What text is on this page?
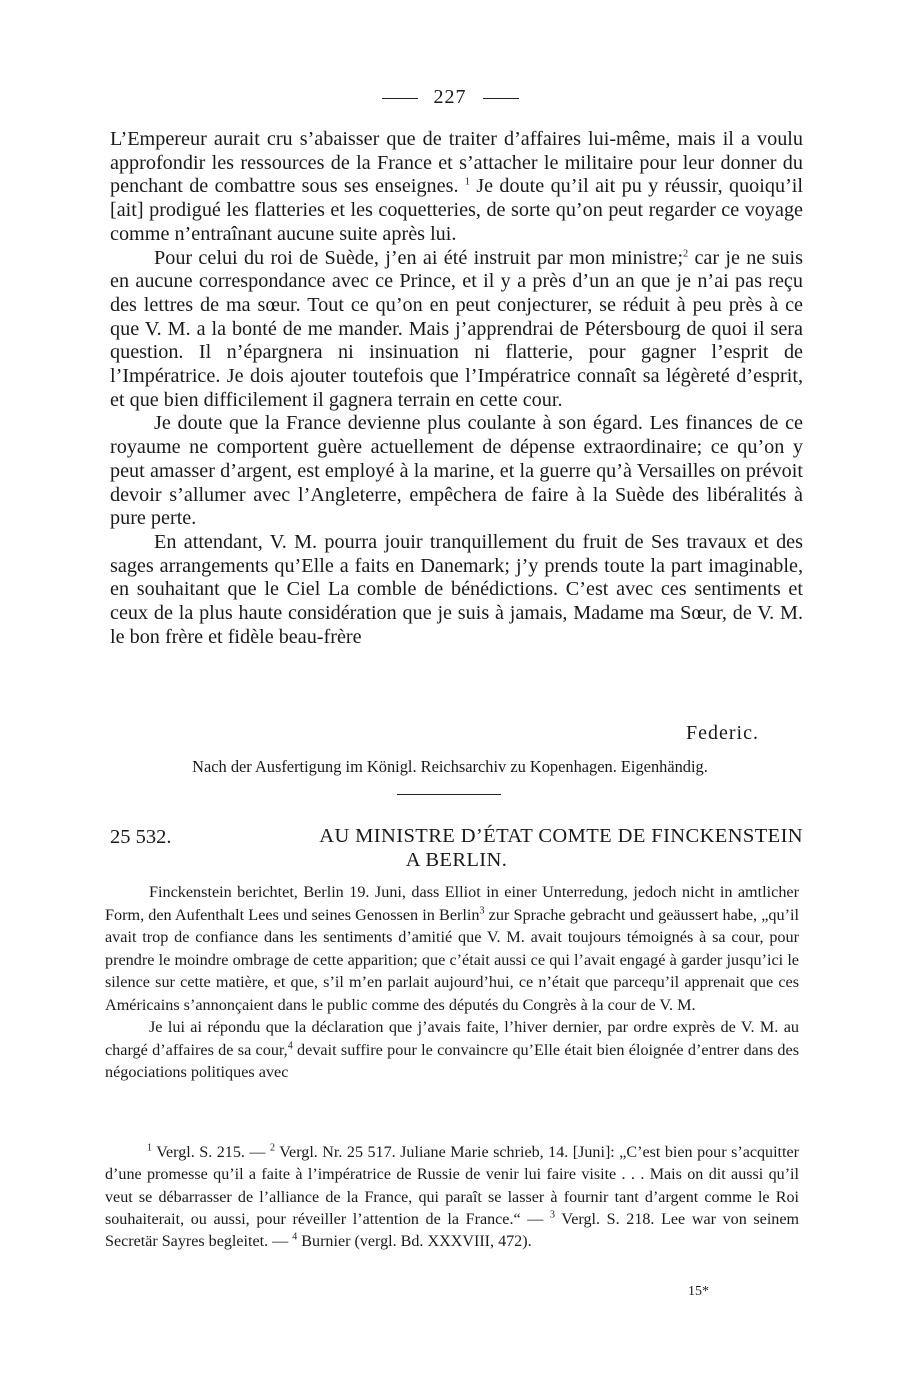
227

L’Empereur aurait cru s’abaisser que de traiter d’affaires lui-même, mais il a voulu approfondir les ressources de la France et s’attacher le militaire pour leur donner du penchant de combattre sous ses enseignes. $^1$ Je doute qu’il ait pu y réussir, quoiqu’il [ait] prodigué les flatteries et les coquetteries, de sorte qu’on peut regarder ce voyage comme n’entraînant aucune suite après lui.

Pour celui du roi de Suède, j’en ai été instruit par mon ministre;$^2$ car je ne suis en aucune correspondance avec ce Prince, et il y a près d’un an que je n’ai pas reçu des lettres de ma sœur. Tout ce qu’on en peut conjecturer, se réduit à peu près à ce que V. M. a la bonté de me mander. Mais j’apprendrai de Pétersbourg de quoi il sera question. Il n’épargnera ni insinuation ni flatterie, pour gagner l’esprit de l’Impératrice. Je dois ajouter toutefois que l’Impératrice connaît sa légèreté d’esprit, et que bien difficilement il gagnera terrain en cette cour.

Je doute que la France devienne plus coulante à son égard. Les finances de ce royaume ne comportent guère actuellement de dépense extraordinaire; ce qu’on y peut amasser d’argent, est employé à la marine, et la guerre qu’à Versailles on prévoit devoir s’allumer avec l’Angleterre, empêchera de faire à la Suède des libéralités à pure perte.

En attendant, V. M. pourra jouir tranquillement du fruit de Ses travaux et des sages arrangements qu’Elle a faits en Danemark; j’y prends toute la part imaginable, en souhaitant que le Ciel La comble de bénédictions. C’est avec ces sentiments et ceux de la plus haute considération que je suis à jamais, Madame ma Sœur, de V. M. le bon frère et fidèle beau-frère

Federic.
Nach der Ausfertigung im Königl. Reichsarchiv zu Kopenhagen. Eigenhändig.
25 532.	AU MINISTRE D’ÉTAT COMTE DE FINCKENSTEIN
A BERLIN.

Finckenstein berichtet, Berlin 19. Juni, dass Elliot in einer Unterredung, jedoch nicht in amtlicher Form, den Aufenthalt Lees und seines Genossen in Berlin$^3$ zur Sprache gebracht und geäussert habe, „qu’il avait trop de confiance dans les sentiments d’amitié que V. M. avait toujours témoignés à sa cour, pour prendre le moindre ombrage de cette apparition; que c’était aussi ce qui l’avait engagé à garder jusqu’ici le silence sur cette matière, et que, s’il m’en parlait aujourd’hui, ce n’était que parcequ’il apprenait que ces Américains s’annonçaient dans le public comme des députés du Congrès à la cour de V. M.

Je lui ai répondu que la déclaration que j’avais faite, l’hiver dernier, par ordre exprès de V. M. au chargé d’affaires de sa cour,$^4$ devait suffire pour le convaincre qu’Elle était bien éloignée d’entrer dans des négociations politiques avec

$^1$ Vergl. S. 215. — $^2$ Vergl. Nr. 25 517. Juliane Marie schrieb, 14. [Juni]: „C’est bien pour s’acquitter d’une promesse qu’il a faite à l’impératrice de Russie de venir lui faire visite . . . Mais on dit aussi qu’il veut se débarrasser de l’alliance de la France, qui paraît se lasser à fournir tant d’argent comme le Roi souhaiterait, ou aussi, pour réveiller l’attention de la France.“ — $^3$ Vergl. S. 218. Lee war von seinem Secretär Sayres begleitet. — $^4$ Burnier (vergl. Bd. XXXVIII, 472).

15*
